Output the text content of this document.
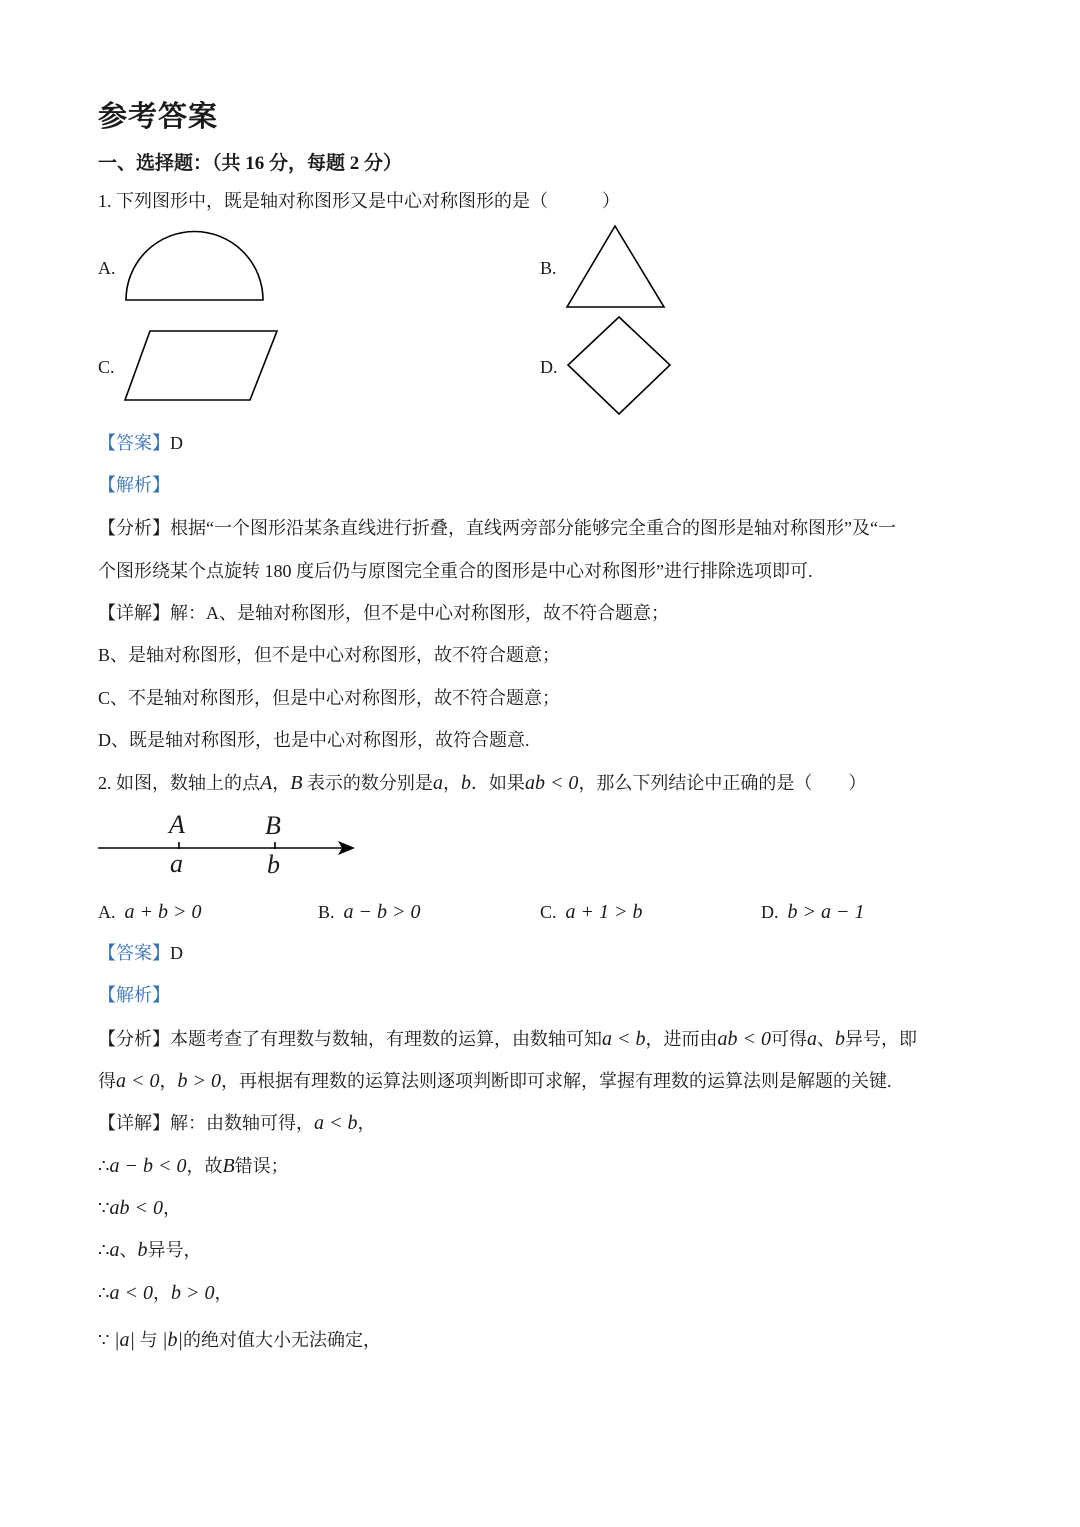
参考答案
一、选择题：（共 16 分，每题 2 分）
1. 下列图形中，既是轴对称图形又是中心对称图形的是（　　　）
A.	B.
C.	D.
【答案】D
【解析】
【分析】根据“一个图形沿某条直线进行折叠，直线两旁部分能够完全重合的图形是轴对称图形”及“一
个图形绕某个点旋转 180 度后仍与原图完全重合的图形是中心对称图形”进行排除选项即可.
【详解】解：A、是轴对称图形，但不是中心对称图形，故不符合题意；
B、是轴对称图形，但不是中心对称图形，故不符合题意；
C、不是轴对称图形，但是中心对称图形，故不符合题意；
D、既是轴对称图形，也是中心对称图形，故符合题意.
2. 如图，数轴上的点A，B 表示的数分别是a，b．如果ab < 0，那么下列结论中正确的是（　　）
A	B
a	b
A. a + b > 0	B. a − b > 0	C. a + 1 > b	D. b > a − 1
【答案】D
【解析】
【分析】本题考查了有理数与数轴，有理数的运算，由数轴可知a < b，进而由ab < 0可得a、b异号，即
得a < 0，b > 0，再根据有理数的运算法则逐项判断即可求解，掌握有理数的运算法则是解题的关键.
【详解】解：由数轴可得，a < b，
∴a − b < 0，故B错误；
∵ab < 0，
∴a、b异号，
∴a < 0，b > 0，
∵ |a| 与 |b|的绝对值大小无法确定，
